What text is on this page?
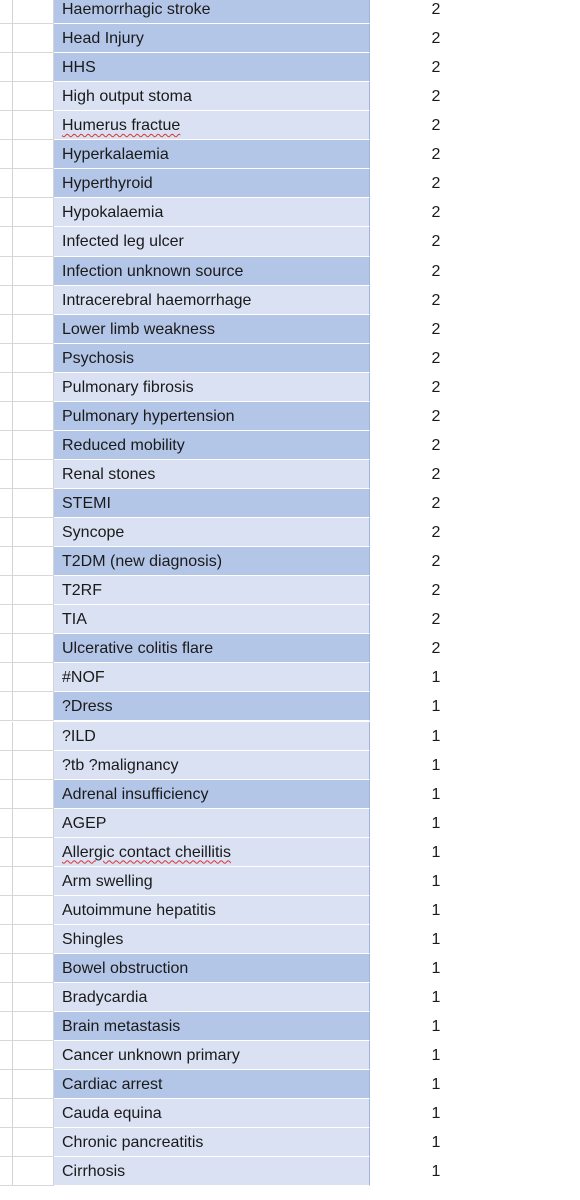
Haemorrhagic stroke	2
Head Injury	2
HHS	2
High output stoma	2
Humerus fractue	2
Hyperkalaemia	2
Hyperthyroid	2
Hypokalaemia	2
Infected leg ulcer	2
Infection unknown source	2
Intracerebral haemorrhage	2
Lower limb weakness	2
Psychosis	2
Pulmonary fibrosis	2
Pulmonary hypertension	2
Reduced mobility	2
Renal stones	2
STEMI	2
Syncope	2
T2DM (new diagnosis)	2
T2RF	2
TIA	2
Ulcerative colitis flare	2
#NOF	1
?Dress	1
?ILD	1
?tb ?malignancy	1
Adrenal insufficiency	1
AGEP	1
Allergic contact cheillitis	1
Arm swelling	1
Autoimmune hepatitis	1
Shingles	1
Bowel obstruction	1
Bradycardia	1
Brain metastasis	1
Cancer unknown primary	1
Cardiac arrest	1
Cauda equina	1
Chronic pancreatitis	1
Cirrhosis	1
